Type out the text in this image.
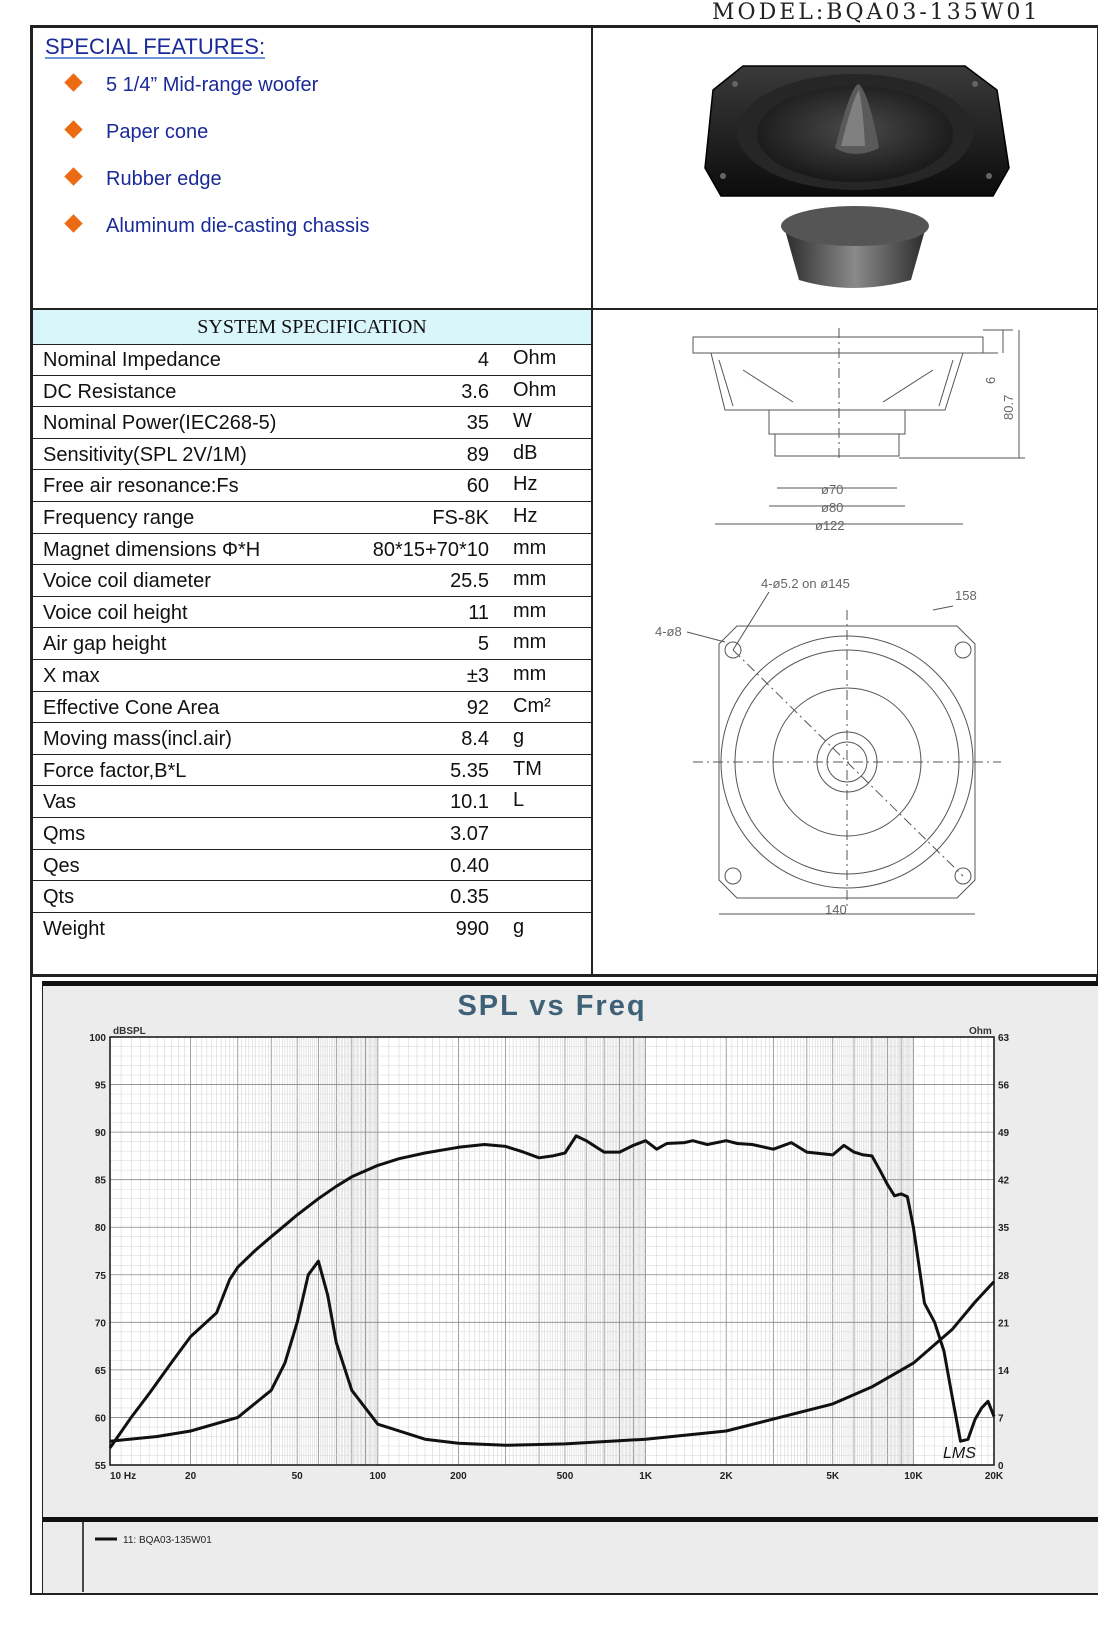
MODEL:BQA03-135W01
SPECIAL FEATURES:
5 1/4” Mid-range woofer
Paper cone
Rubber edge
Aluminum die-casting chassis
SYSTEM SPECIFICATION
Nominal Impedance	4 Ohm
DC Resistance	3.6 Ohm
Nominal Power(IEC268-5)	35 W
Sensitivity(SPL 2V/1M)	89 dB
Free air resonance:Fs	60 Hz
Frequency range	FS-8K Hz
Magnet dimensions Φ*H	80*15+70*10 mm
Voice coil diameter	25.5 mm
Voice coil height	11 mm
Air gap height	5 mm
X max	±3 mm
Effective Cone Area	92 Cm²
Moving mass(incl.air)	8.4 g
Force factor,B*L	5.35 TM
Vas	10.1 L
Qms	3.07
Qes	0.40
Qts	0.35
Weight	990 g
6
80.7
ø70
ø80
ø122
4-ø5.2 on ø145
158
4-ø8
140
SPL vs Freq
dBSPL	Ohm
55
60
65
70
75
80
85
90
95
100
0
7
14
21
28
35
42
49
56
63
10 Hz	20	50	100	200	500	1K	2K	5K	10K	20K
LMS
11: BQA03-135W01
